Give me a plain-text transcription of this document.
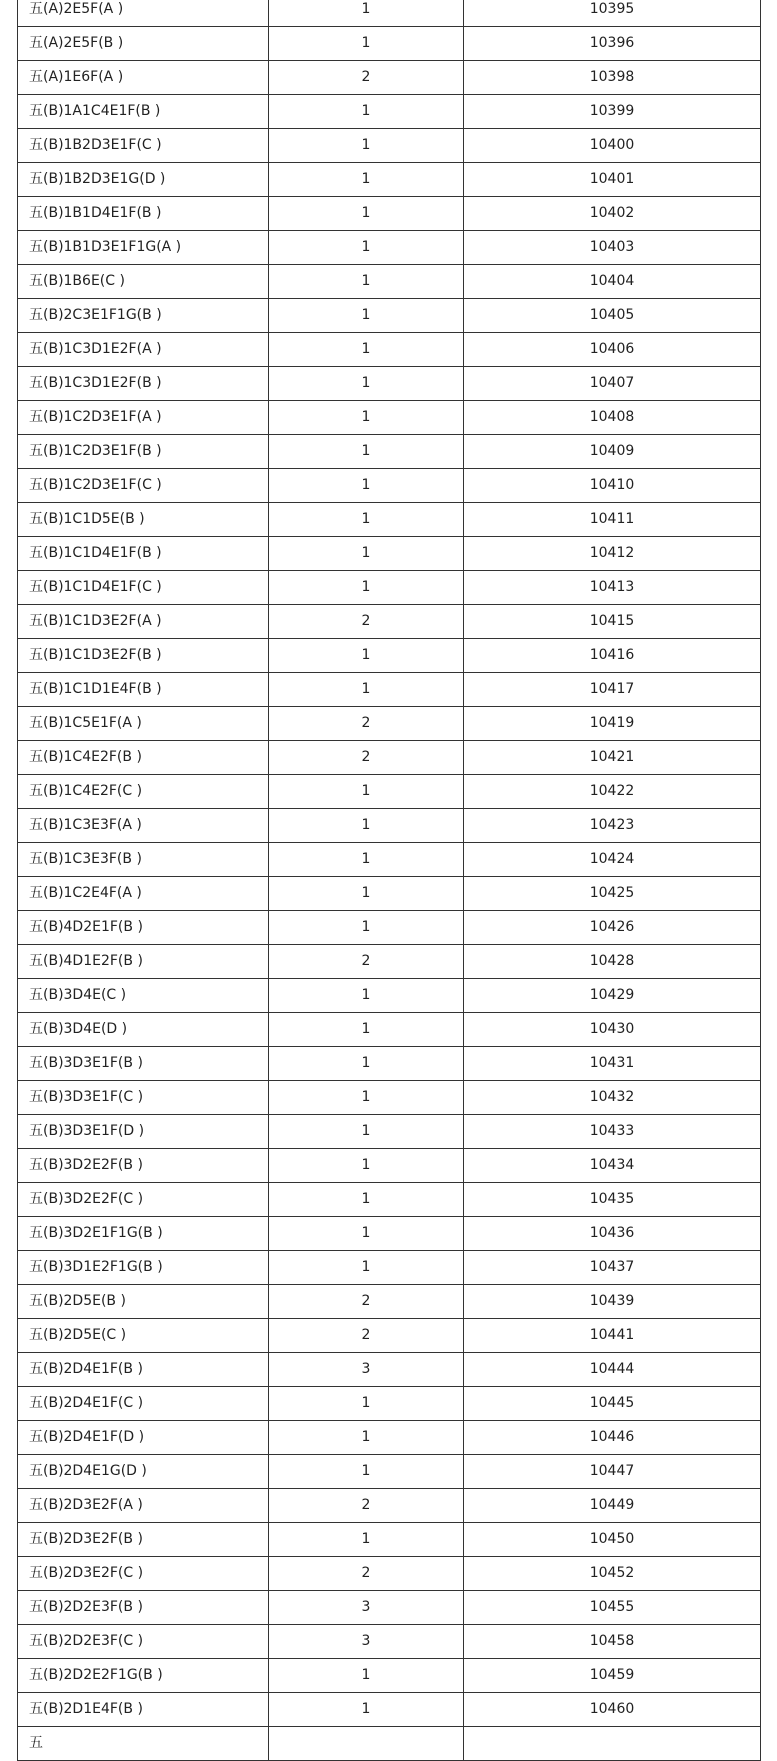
五(A)2E5F(A )	1	10395
五(A)2E5F(B )	1	10396
五(A)1E6F(A )	2	10398
五(B)1A1C4E1F(B )	1	10399
五(B)1B2D3E1F(C )	1	10400
五(B)1B2D3E1G(D )	1	10401
五(B)1B1D4E1F(B )	1	10402
五(B)1B1D3E1F1G(A )	1	10403
五(B)1B6E(C )	1	10404
五(B)2C3E1F1G(B )	1	10405
五(B)1C3D1E2F(A )	1	10406
五(B)1C3D1E2F(B )	1	10407
五(B)1C2D3E1F(A )	1	10408
五(B)1C2D3E1F(B )	1	10409
五(B)1C2D3E1F(C )	1	10410
五(B)1C1D5E(B )	1	10411
五(B)1C1D4E1F(B )	1	10412
五(B)1C1D4E1F(C )	1	10413
五(B)1C1D3E2F(A )	2	10415
五(B)1C1D3E2F(B )	1	10416
五(B)1C1D1E4F(B )	1	10417
五(B)1C5E1F(A )	2	10419
五(B)1C4E2F(B )	2	10421
五(B)1C4E2F(C )	1	10422
五(B)1C3E3F(A )	1	10423
五(B)1C3E3F(B )	1	10424
五(B)1C2E4F(A )	1	10425
五(B)4D2E1F(B )	1	10426
五(B)4D1E2F(B )	2	10428
五(B)3D4E(C )	1	10429
五(B)3D4E(D )	1	10430
五(B)3D3E1F(B )	1	10431
五(B)3D3E1F(C )	1	10432
五(B)3D3E1F(D )	1	10433
五(B)3D2E2F(B )	1	10434
五(B)3D2E2F(C )	1	10435
五(B)3D2E1F1G(B )	1	10436
五(B)3D1E2F1G(B )	1	10437
五(B)2D5E(B )	2	10439
五(B)2D5E(C )	2	10441
五(B)2D4E1F(B )	3	10444
五(B)2D4E1F(C )	1	10445
五(B)2D4E1F(D )	1	10446
五(B)2D4E1G(D )	1	10447
五(B)2D3E2F(A )	2	10449
五(B)2D3E2F(B )	1	10450
五(B)2D3E2F(C )	2	10452
五(B)2D2E3F(B )	3	10455
五(B)2D2E3F(C )	3	10458
五(B)2D2E2F1G(B )	1	10459
五(B)2D1E4F(B )	1	10460
五		
